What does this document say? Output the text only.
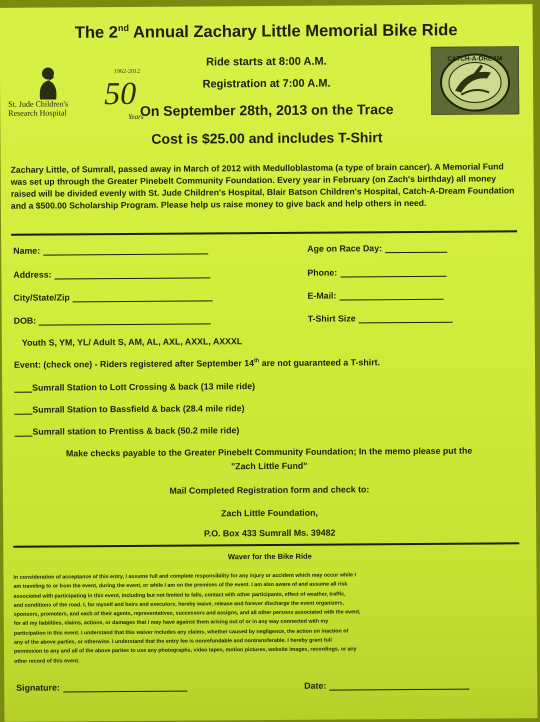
The 2nd Annual Zachary Little Memorial Bike Ride
St. Jude Children's Research Hospital
1962-2012
50
Years
CATCH-A-DREAM
Ride starts at 8:00 A.M.
Registration at 7:00 A.M.
On September 28th, 2013 on the Trace
Cost is $25.00 and includes T-Shirt
Zachary Little, of Sumrall, passed away in March of 2012 with Medulloblastoma (a type of brain cancer). A Memorial Fund was set up through the Greater Pinebelt Community Foundation. Every year in February (on Zach's birthday) all money raised will be divided evenly with St. Jude Children's Hospital, Blair Batson Children's Hospital, Catch-A-Dream Foundation and a $500.00 Scholarship Program. Please help us raise money to give back and help others in need.
Name:	Age on Race Day:
Address:	Phone:
City/State/Zip	E-Mail:
DOB:	T-Shirt Size
Youth S, YM, YL/ Adult S, AM, AL, AXL, AXXL, AXXXL
Event: (check one) - Riders registered after September 14th are not guaranteed a T-shirt.
Sumrall Station to Lott Crossing & back (13 mile ride)
Sumrall Station to Bassfield & back (28.4 mile ride)
Sumrall station to Prentiss & back (50.2 mile ride)
Make checks payable to the Greater Pinebelt Community Foundation; In the memo please put the
"Zach Little Fund"
Mail Completed Registration form and check to:
Zach Little Foundation,
P.O. Box 433 Sumrall Ms. 39482
Waver for the Bike Ride
In consideration of acceptance of this entry, I assume full and complete responsibility for any injury or accident which may occur while I
am traveling to or from the event, during the event, or while I am on the premises of the event. I am also aware of and assume all risk
associated with participating in this event, including but not limited to falls, contact with other participants, effect of weather, traffic,
and conditions of the road. I, for myself and heirs and executors, hereby waive, release and forever discharge the event organizers,
sponsors, promoters, and each of their agents, representatives, successors and assigns, and all other persons associated with the event,
for all my liabilities, claims, actions, or damages that I may have against them arising out of or in any way connected with my
participation in this event. I understand that this waiver includes any claims, whether caused by negligence, the action on inaction of
any of the above parties, or otherwise. I understand that the entry fee is nonrefundable and nontransferable. I hereby grant full
permission to any and all of the above parties to use any photographs, video tapes, motion pictures, website images, recordings, or any
other record of this event.
Signature:	Date:
